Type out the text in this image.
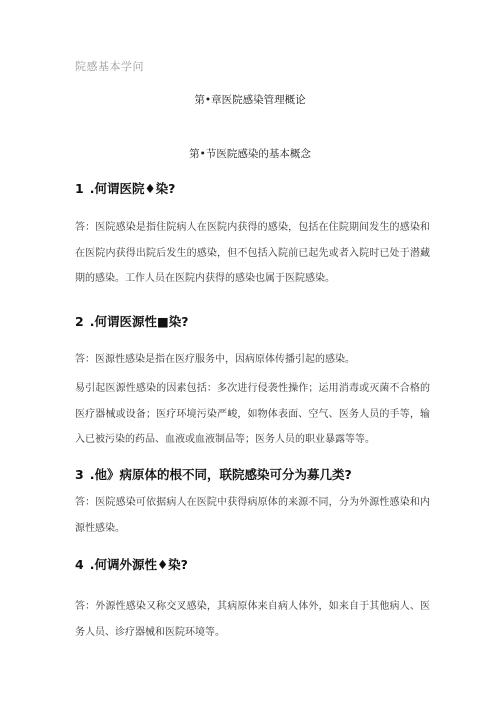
院感基本学问
第•章医院感染管理概论
第•节医院感染的基本概念
1 .何谓医院♦染?
答：医院感染是指住院病人在医院内获得的感染，包括在住院期间发生的感染和在医院内获得出院后发生的感染，但不包括入院前已起先或者入院时已处于潜藏期的感染。工作人员在医院内获得的感染也属于医院感染。
2 .何谓医源性■染?
答：医源性感染是指在医疗服务中，因病原体传播引起的感染。
易引起医源性感染的因素包括：多次进行侵袭性操作；运用消毒或灭菌不合格的医疗器械或设备；医疗环境污染严峻，如物体表面、空气、医务人员的手等，输入已被污染的药品、血液或血液制品等；医务人员的职业暴露等等。
3 .他》病原体的根不同，联院感染可分为募几类?
答：医院感染可依据病人在医院中获得病原体的来源不同，分为外源性感染和内源性感染。
4 .何调外源性♦染?
答：外源性感染又称交叉感染，其病原体来自病人体外，如来自于其他病人、医务人员、诊疗器械和医院环境等。
